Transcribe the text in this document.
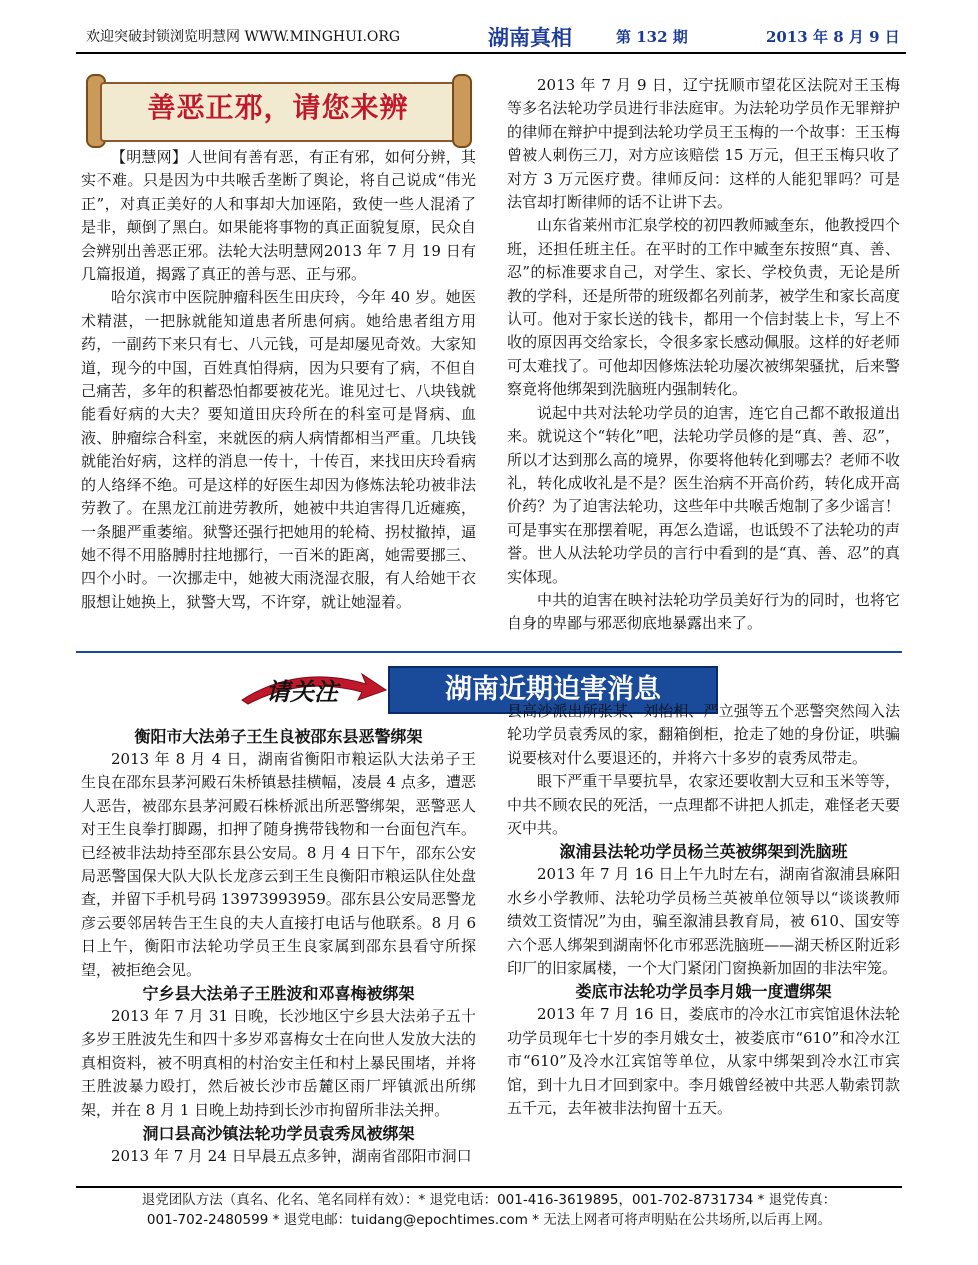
欢迎突破封锁浏览明慧网 WWW.MINGHUI.ORG	湖南真相	第 132 期	2013 年 8 月 9 日
善恶正邪，请您来辨

【明慧网】人世间有善有恶，有正有邪，如何分辨，其实不难。只是因为中共喉舌垄断了舆论，将自己说成“伟光正”，对真正美好的人和事却大加诬陷，致使一些人混淆了是非，颠倒了黑白。如果能将事物的真正面貌复原，民众自会辨别出善恶正邪。法轮大法明慧网2013 年 7 月 19 日有几篇报道，揭露了真正的善与恶、正与邪。

哈尔滨市中医院肿瘤科医生田庆玲，今年 40 岁。她医术精湛，一把脉就能知道患者所患何病。她给患者组方用药，一副药下来只有七、八元钱，可是却屡见奇效。大家知道，现今的中国，百姓真怕得病，因为只要有了病，不但自己痛苦，多年的积蓄恐怕都要被花光。谁见过七、八块钱就能看好病的大夫？要知道田庆玲所在的科室可是肾病、血液、肿瘤综合科室，来就医的病人病情都相当严重。几块钱就能治好病，这样的消息一传十，十传百，来找田庆玲看病的人络绎不绝。可是这样的好医生却因为修炼法轮功被非法劳教了。在黑龙江前进劳教所，她被中共迫害得几近瘫痪，一条腿严重萎缩。狱警还强行把她用的轮椅、拐杖撤掉，逼她不得不用胳膊肘拄地挪行，一百米的距离，她需要挪三、四个小时。一次挪走中，她被大雨浇湿衣服，有人给她干衣服想让她换上，狱警大骂，不许穿，就让她湿着。

2013 年 7 月 9 日，辽宁抚顺市望花区法院对王玉梅等多名法轮功学员进行非法庭审。为法轮功学员作无罪辩护的律师在辩护中提到法轮功学员王玉梅的一个故事：王玉梅曾被人刺伤三刀，对方应该赔偿 15 万元，但王玉梅只收了对方 3 万元医疗费。律师反问：这样的人能犯罪吗？可是法官却打断律师的话不让讲下去。

山东省莱州市汇泉学校的初四教师臧奎东，他教授四个班，还担任班主任。在平时的工作中臧奎东按照“真、善、忍”的标准要求自己，对学生、家长、学校负责，无论是所教的学科，还是所带的班级都名列前茅，被学生和家长高度认可。他对于家长送的钱卡，都用一个信封装上卡，写上不收的原因再交给家长，令很多家长感动佩服。这样的好老师可太难找了。可他却因修炼法轮功屡次被绑架骚扰，后来警察竟将他绑架到洗脑班内强制转化。

说起中共对法轮功学员的迫害，连它自己都不敢报道出来。就说这个“转化”吧，法轮功学员修的是“真、善、忍”，所以才达到那么高的境界，你要将他转化到哪去？老师不收礼，转化成收礼是不是？医生治病不开高价药，转化成开高价药？为了迫害法轮功，这些年中共喉舌炮制了多少谣言！可是事实在那摆着呢，再怎么造谣，也诋毁不了法轮功的声誉。世人从法轮功学员的言行中看到的是“真、善、忍”的真实体现。

中共的迫害在映衬法轮功学员美好行为的同时，也将它自身的卑鄙与邪恶彻底地暴露出来了。

请关注	湖南近期迫害消息
衡阳市大法弟子王生良被邵东县恶警绑架

2013 年 8 月 4 日，湖南省衡阳市粮运队大法弟子王生良在邵东县茅河殿石朱桥镇悬挂横幅，凌晨 4 点多，遭恶人恶告，被邵东县茅河殿石株桥派出所恶警绑架，恶警恶人对王生良拳打脚踢，扣押了随身携带钱物和一台面包汽车。已经被非法劫持至邵东县公安局。8 月 4 日下午，邵东公安局恶警国保大队大队长龙彦云到王生良衡阳市粮运队住处盘查，并留下手机号码 13973993959。邵东县公安局恶警龙彦云要邻居转告王生良的夫人直接打电话与他联系。8 月 6 日上午，衡阳市法轮功学员王生良家属到邵东县看守所探望，被拒绝会见。

宁乡县大法弟子王胜波和邓喜梅被绑架

2013 年 7 月 31 日晚，长沙地区宁乡县大法弟子五十多岁王胜波先生和四十多岁邓喜梅女士在向世人发放大法的真相资料，被不明真相的村治安主任和村上暴民围堵，并将王胜波暴力殴打，然后被长沙市岳麓区雨厂坪镇派出所绑架，并在 8 月 1 日晚上劫持到长沙市拘留所非法关押。

洞口县高沙镇法轮功学员袁秀凤被绑架

2013 年 7 月 24 日早晨五点多钟，湖南省邵阳市洞口

县高沙派出所张某、刘怡相、严立强等五个恶警突然闯入法轮功学员袁秀凤的家，翻箱倒柜，抢走了她的身份证，哄骗说要核对什么要退还的，并将六十多岁的袁秀凤带走。

眼下严重干旱要抗旱，农家还要收割大豆和玉米等等，中共不顾农民的死活，一点理都不讲把人抓走，难怪老天要灭中共。

溆浦县法轮功学员杨兰英被绑架到洗脑班

2013 年 7 月 16 日上午九时左右，湖南省溆浦县麻阳水乡小学教师、法轮功学员杨兰英被单位领导以“谈谈教师绩效工资情况”为由，骗至溆浦县教育局，被 610、国安等六个恶人绑架到湖南怀化市邪恶洗脑班——湖天桥区附近彩印厂的旧家属楼，一个大门紧闭门窗换新加固的非法牢笼。

娄底市法轮功学员李月娥一度遭绑架

2013 年 7 月 16 日，娄底市的冷水江市宾馆退休法轮功学员现年七十岁的李月娥女士，被娄底市“610”和冷水江市“610”及冷水江宾馆等单位，从家中绑架到冷水江市宾馆，到十九日才回到家中。李月娥曾经被中共恶人勒索罚款五千元，去年被非法拘留十五天。

退党团队方法（真名、化名、笔名同样有效）：* 退党电话：001-416-3619895，001-702-8731734 * 退党传真：
001-702-2480599 * 退党电邮：tuidang@epochtimes.com * 无法上网者可将声明贴在公共场所,以后再上网。
